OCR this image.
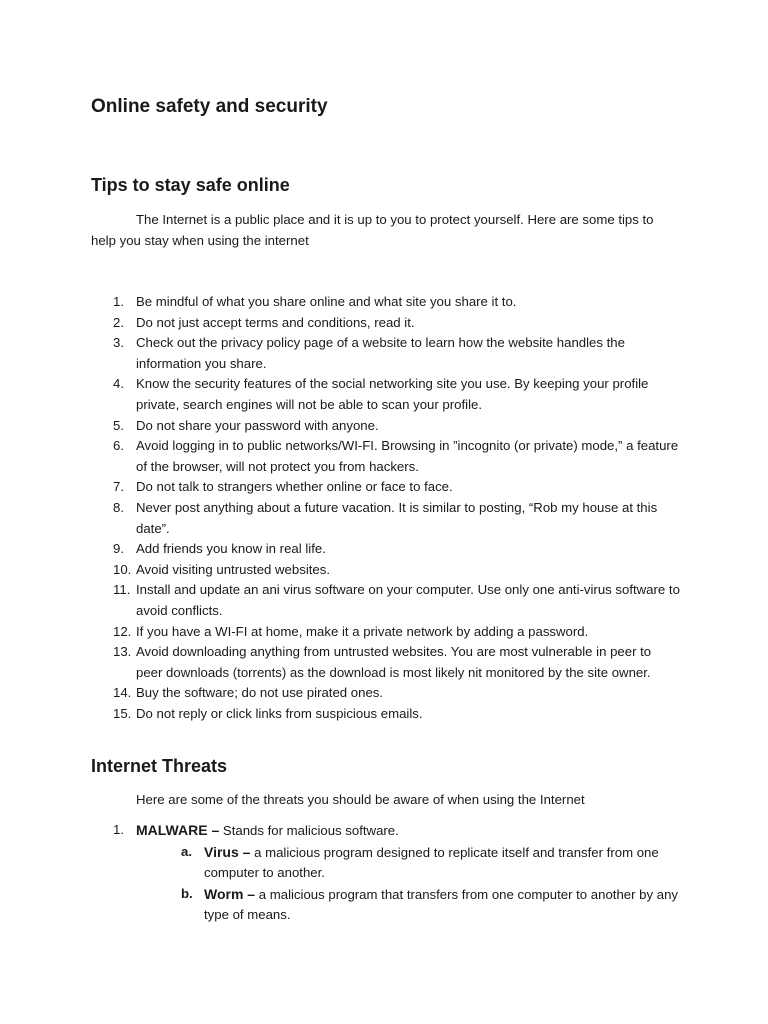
Online safety and security
Tips to stay safe online

The Internet is a public place and it is up to you to protect yourself. Here are some tips to help you stay when using the internet

1. Be mindful of what you share online and what site you share it to.
2. Do not just accept terms and conditions, read it.
3. Check out the privacy policy page of a website to learn how the website handles the information you share.
4. Know the security features of the social networking site you use. By keeping your profile private, search engines will not be able to scan your profile.
5. Do not share your password with anyone.
6. Avoid logging in to public networks/WI-FI. Browsing in ”incognito (or private) mode,” a feature of the browser, will not protect you from hackers.
7. Do not talk to strangers whether online or face to face.
8. Never post anything about a future vacation. It is similar to posting, “Rob my house at this date”.
9. Add friends you know in real life.
10. Avoid visiting untrusted websites.
11. Install and update an ani virus software on your computer. Use only one anti-virus software to avoid conflicts.
12. If you have a WI-FI at home, make it a private network by adding a password.
13. Avoid downloading anything from untrusted websites. You are most vulnerable in peer to peer downloads (torrents) as the download is most likely nit monitored by the site owner.
14. Buy the software; do not use pirated ones.
15. Do not reply or click links from suspicious emails.
Internet Threats

Here are some of the threats you should be aware of when using the Internet

1. MALWARE – Stands for malicious software.
a. Virus – a malicious program designed to replicate itself and transfer from one computer to another.
b. Worm – a malicious program that transfers from one computer to another by any type of means.
